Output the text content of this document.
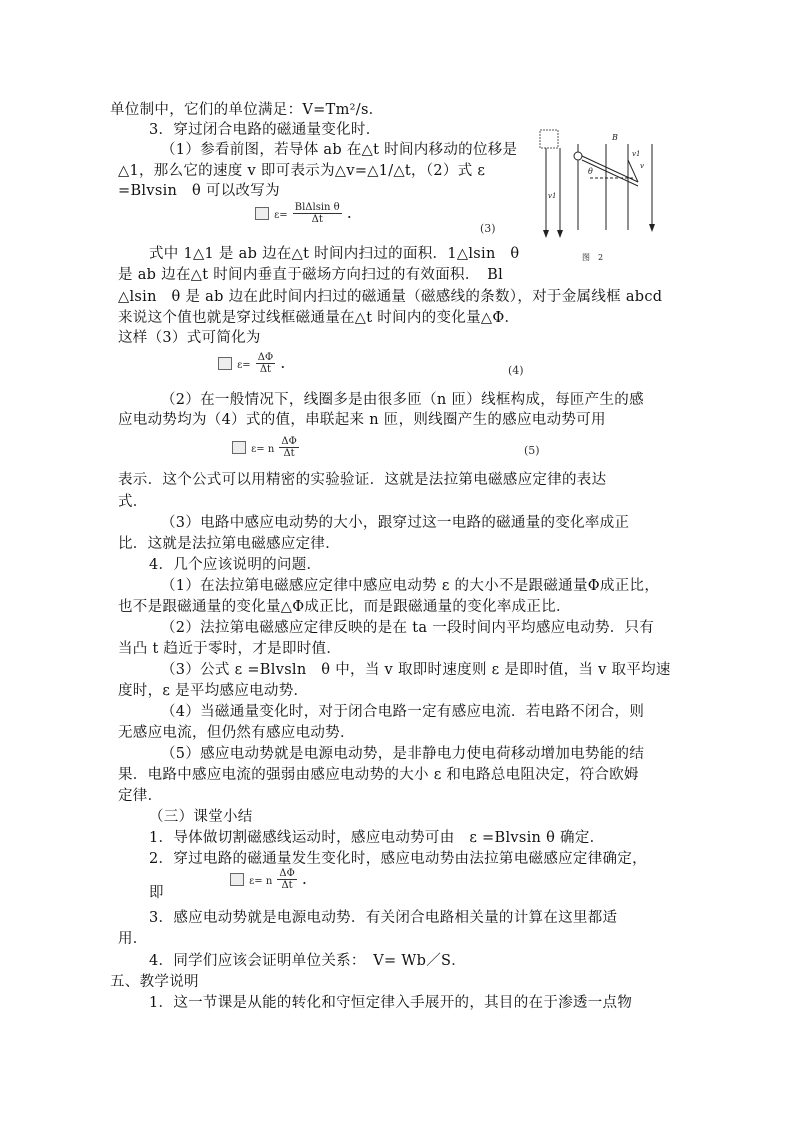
单位制中，它们的单位满足：V=Tm²/s．
3．穿过闭合电路的磁通量变化时．
（1）参看前图，若导体 ab 在△t 时间内移动的位移是
△1，那么它的速度 v 即可表示为△v=△1/△t，（2）式 ε
=Blvsin　θ 可以改写为
式中 1△1 是 ab 边在△t 时间内扫过的面积．1△lsin　θ
是 ab 边在△t 时间内垂直于磁场方向扫过的有效面积．　Bl
△lsin　θ 是 ab 边在此时间内扫过的磁通量（磁感线的条数），对于金属线框 abcd
来说这个值也就是穿过线框磁通量在△t 时间内的变化量△Φ．
这样（3）式可简化为
（2）在一般情况下，线圈多是由很多匝（n 匝）线框构成，每匝产生的感
应电动势均为（4）式的值，串联起来 n 匝，则线圈产生的感应电动势可用
表示．这个公式可以用精密的实验验证．这就是法拉第电磁感应定律的表达
式．
（3）电路中感应电动势的大小，跟穿过这一电路的磁通量的变化率成正
比．这就是法拉第电磁感应定律．
4．几个应该说明的问题．
（1）在法拉第电磁感应定律中感应电动势 ε 的大小不是跟磁通量Φ成正比，
也不是跟磁通量的变化量△Φ成正比，而是跟磁通量的变化率成正比．
（2）法拉第电磁感应定律反映的是在 ta 一段时间内平均感应电动势．只有
当凸 t 趋近于零时，才是即时值．
（3）公式 ε =Blvsln　θ 中，当 v 取即时速度则 ε 是即时值，当 v 取平均速
度时，ε 是平均感应电动势．
（4）当磁通量变化时，对于闭合电路一定有感应电流．若电路不闭合，则
无感应电流，但仍然有感应电动势．
（5）感应电动势就是电源电动势，是非静电力使电荷移动增加电势能的结
果．电路中感应电流的强弱由感应电动势的大小 ε 和电路总电阻决定，符合欧姆
定律．
（三）课堂小结
1．导体做切割磁感线运动时，感应电动势可由　ε =Blvsin θ 确定．
2．穿过电路的磁通量发生变化时，感应电动势由法拉第电磁感应定律确定，
即
3．感应电动势就是电源电动势．有关闭合电路相关量的计算在这里都适
用．
4．同学们应该会证明单位关系：　V= Wb／S．
五、教学说明
1．这一节课是从能的转化和守恒定律入手展开的，其目的在于渗透一点物
$\varepsilon= \frac{\text{BlΔlsin θ}}{\Delta t}$ .
(3)
$\varepsilon= \frac{\Delta\Phi}{\Delta t}$ .	(4)
ε= n $\frac{\Delta\Phi}{\Delta t}$	(5)
ε= n $\frac{\Delta\Phi}{\Delta t}$ .
B
v1
v
θ
v1
图　2
